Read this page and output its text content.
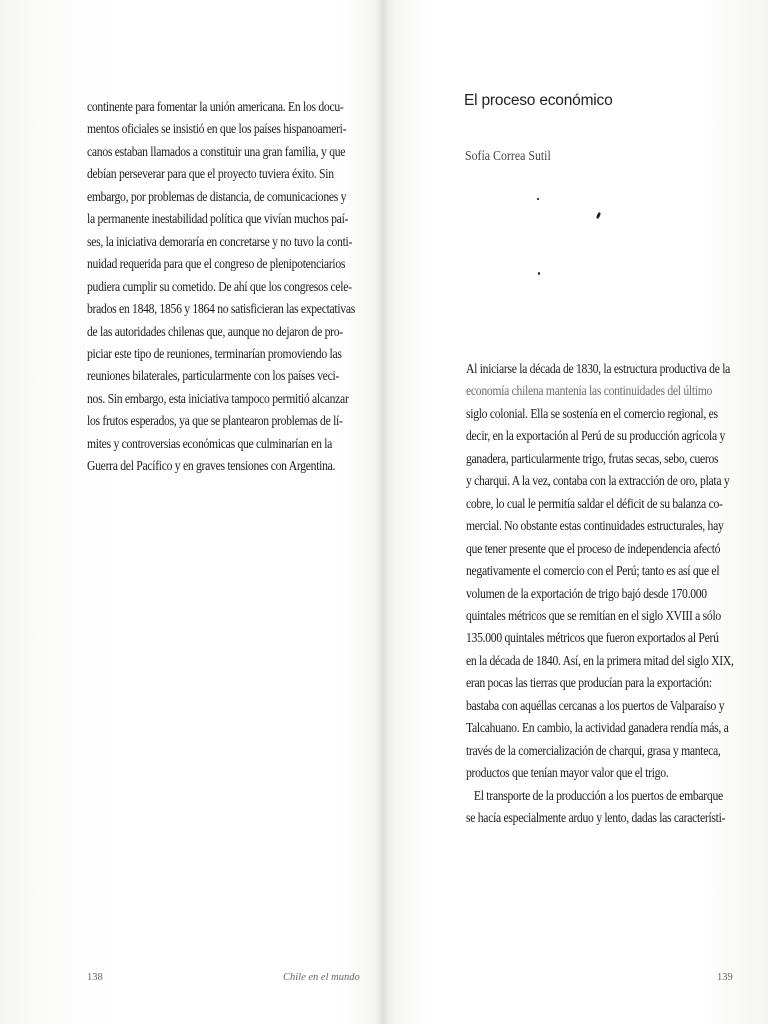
continente para fomentar la unión americana. En los docu-
mentos oficiales se insistió en que los países hispanoameri-
canos estaban llamados a constituir una gran familia, y que
debían perseverar para que el proyecto tuviera éxito. Sin
embargo, por problemas de distancia, de comunicaciones y
la permanente inestabilidad política que vivían muchos paí-
ses, la iniciativa demoraría en concretarse y no tuvo la conti-
nuidad requerida para que el congreso de plenipotenciarios
pudiera cumplir su cometido. De ahí que los congresos cele-
brados en 1848, 1856 y 1864 no satisficieran las expectativas
de las autoridades chilenas que, aunque no dejaron de pro-
piciar este tipo de reuniones, terminarían promoviendo las
reuniones bilaterales, particularmente con los países veci-
nos. Sin embargo, esta iniciativa tampoco permitió alcanzar
los frutos esperados, ya que se plantearon problemas de lí-
mites y controversias económicas que culminarían en la
Guerra del Pacífico y en graves tensiones con Argentina.
138	Chile en el mundo
El proceso económico

Sofía Correa Sutil

Al iniciarse la década de 1830, la estructura productiva de la
economía chilena mantenía las continuidades del último
siglo colonial. Ella se sostenía en el comercio regional, es
decir, en la exportación al Perú de su producción agrícola y
ganadera, particularmente trigo, frutas secas, sebo, cueros
y charqui. A la vez, contaba con la extracción de oro, plata y
cobre, lo cual le permitía saldar el déficit de su balanza co-
mercial. No obstante estas continuidades estructurales, hay
que tener presente que el proceso de independencia afectó
negativamente el comercio con el Perú; tanto es así que el
volumen de la exportación de trigo bajó desde 170.000
quintales métricos que se remitían en el siglo XVIII a sólo
135.000 quintales métricos que fueron exportados al Perú
en la década de 1840. Así, en la primera mitad del siglo XIX,
eran pocas las tierras que producían para la exportación:
bastaba con aquéllas cercanas a los puertos de Valparaíso y
Talcahuano. En cambio, la actividad ganadera rendía más, a
través de la comercialización de charqui, grasa y manteca,
productos que tenían mayor valor que el trigo.
El transporte de la producción a los puertos de embarque
se hacía especialmente arduo y lento, dadas las característi-
139
